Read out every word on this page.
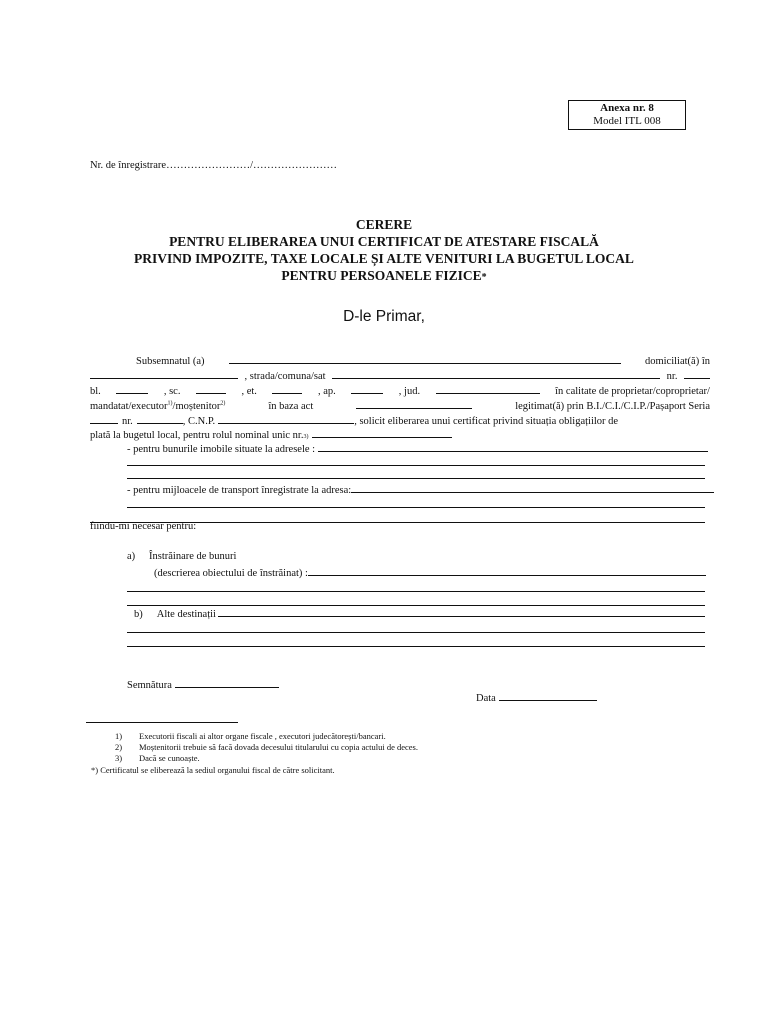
Anexa nr. 8
Model ITL 008
Nr. de înregistrare……………………/……………………
CERERE
PENTRU ELIBERAREA UNUI CERTIFICAT DE ATESTARE FISCALĂ
PRIVIND IMPOZITE, TAXE LOCALE ȘI ALTE VENITURI LA BUGETUL LOCAL
PENTRU PERSOANELE FIZICE*
D-le Primar,
Subsemnatul (a)	domiciliat(ă) în
, strada/comuna/sat	nr.
bl.	, sc.	, et.	, ap.	, jud.	în calitate de proprietar/coproprietar/
mandatat/executor$^{1)}$/moștenitor$^{2)}$	în baza act	legitimat(ă) prin B.I./C.I./C.I.P./Pașaport Seria
nr.	, C.N.P.	, solicit eliberarea unui certificat privind situația obligațiilor de
plată la bugetul local, pentru rolul nominal unic nr. 3)
- pentru bunurile imobile situate la adresele :
- pentru mijloacele de transport înregistrate la adresa:
fiindu-mi necesar pentru:
a) Înstrăinare de bunuri
(descrierea obiectului de înstrăinat) :
b) Alte destinații
Semnătura
Data
1) Executorii fiscali ai altor organe fiscale , executori judecătorești/bancari.
2) Moștenitorii trebuie să facă dovada decesului titularului cu copia actului de deces.
3) Dacă se cunoaște.
*) Certificatul se eliberează la sediul organului fiscal de către solicitant.
